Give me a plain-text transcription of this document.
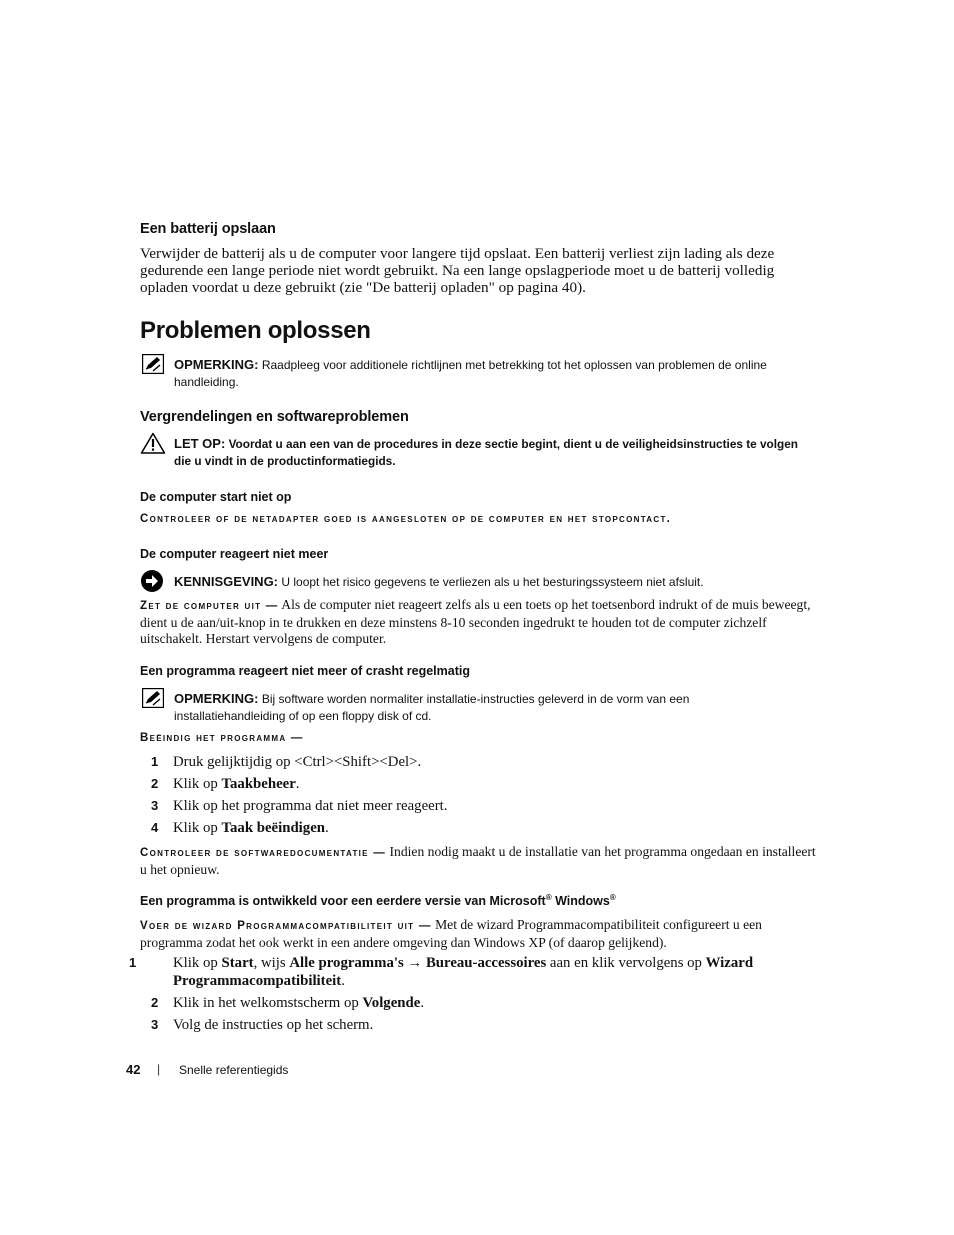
Een batterij opslaan
Verwijder de batterij als u de computer voor langere tijd opslaat. Een batterij verliest zijn lading als deze gedurende een lange periode niet wordt gebruikt. Na een lange opslagperiode moet u de batterij volledig opladen voordat u deze gebruikt (zie "De batterij opladen" op pagina 40).
Problemen oplossen
OPMERKING: Raadpleeg voor additionele richtlijnen met betrekking tot het oplossen van problemen de online handleiding.
Vergrendelingen en softwareproblemen
LET OP: Voordat u aan een van de procedures in deze sectie begint, dient u de veiligheidsinstructies te volgen die u vindt in de productinformatiegids.
De computer start niet op
Controleer of de netadapter goed is aangesloten op de computer en het stopcontact.
De computer reageert niet meer
KENNISGEVING: U loopt het risico gegevens te verliezen als u het besturingssysteem niet afsluit.
Zet de computer uit — Als de computer niet reageert zelfs als u een toets op het toetsenbord indrukt of de muis beweegt, dient u de aan/uit-knop in te drukken en deze minstens 8-10 seconden ingedrukt te houden tot de computer zichzelf uitschakelt. Herstart vervolgens de computer.
Een programma reageert niet meer of crasht regelmatig
OPMERKING: Bij software worden normaliter installatie-instructies geleverd in de vorm van een installatiehandleiding of op een floppy disk of cd.
Beëindig het programma —
1 Druk gelijktijdig op <Ctrl><Shift><Del>.
2 Klik op Taakbeheer.
3 Klik op het programma dat niet meer reageert.
4 Klik op Taak beëindigen.
Controleer de softwaredocumentatie — Indien nodig maakt u de installatie van het programma ongedaan en installeert u het opnieuw.
Een programma is ontwikkeld voor een eerdere versie van Microsoft® Windows®
Voer de wizard Programmacompatibiliteit uit — Met de wizard Programmacompatibiliteit configureert u een programma zodat het ook werkt in een andere omgeving dan Windows XP (of daarop gelijkend).
1 Klik op Start, wijs Alle programma's → Bureau-accessoires aan en klik vervolgens op Wizard Programmacompatibiliteit.
2 Klik in het welkomstscherm op Volgende.
3 Volg de instructies op het scherm.
42 | Snelle referentiegids
